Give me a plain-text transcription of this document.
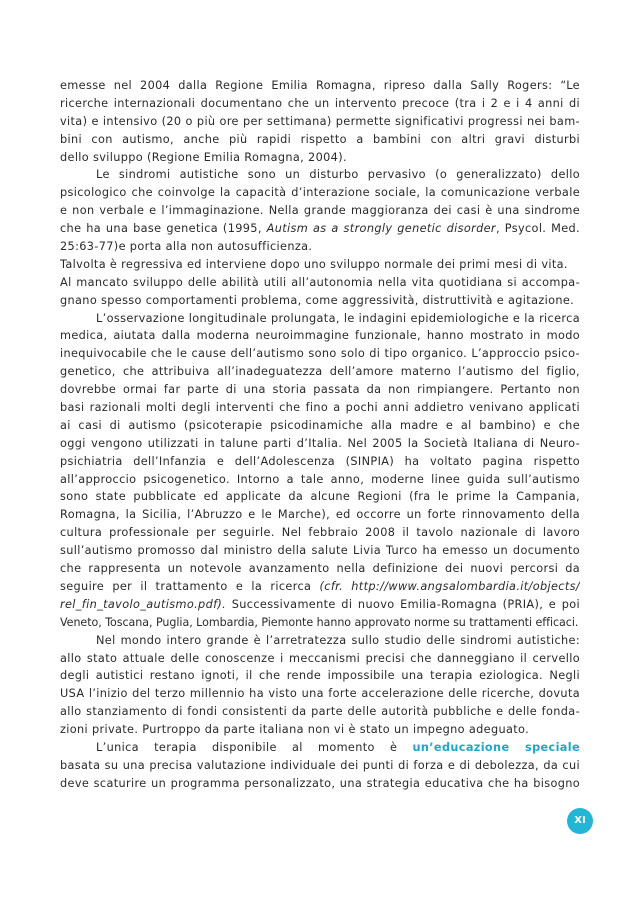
emesse nel 2004 dalla Regione Emilia Romagna, ripreso dalla Sally Rogers: “Le
ricerche internazionali documentano che un intervento precoce (tra i 2 e i 4 anni di
vita) e intensivo (20 o più ore per settimana) permette significativi progressi nei bam-
bini con autismo, anche più rapidi rispetto a bambini con altri gravi disturbi
dello sviluppo (Regione Emilia Romagna, 2004).
Le sindromi autistiche sono un disturbo pervasivo (o generalizzato) dello
psicologico che coinvolge la capacità d’interazione sociale, la comunicazione verbale
e non verbale e l’immaginazione. Nella grande maggioranza dei casi è una sindrome
che ha una base genetica (1995, Autism as a strongly genetic disorder, Psycol. Med.
25:63-77)e porta alla non autosufficienza.
Talvolta è regressiva ed interviene dopo uno sviluppo normale dei primi mesi di vita.
Al mancato sviluppo delle abilità utili all’autonomia nella vita quotidiana si accompa-
gnano spesso comportamenti problema, come aggressività, distruttività e agitazione.
L’osservazione longitudinale prolungata, le indagini epidemiologiche e la ricerca
medica, aiutata dalla moderna neuroimmagine funzionale, hanno mostrato in modo
inequivocabile che le cause dell’autismo sono solo di tipo organico. L’approccio psico-
genetico, che attribuiva all’inadeguatezza dell’amore materno l’autismo del figlio,
dovrebbe ormai far parte di una storia passata da non rimpiangere. Pertanto non
basi razionali molti degli interventi che fino a pochi anni addietro venivano applicati
ai casi di autismo (psicoterapie psicodinamiche alla madre e al bambino) e che
oggi vengono utilizzati in talune parti d’Italia. Nel 2005 la Società Italiana di Neuro-
psichiatria dell’Infanzia e dell’Adolescenza (SINPIA) ha voltato pagina rispetto
all’approccio psicogenetico. Intorno a tale anno, moderne linee guida sull’autismo
sono state pubblicate ed applicate da alcune Regioni (fra le prime la Campania,
Romagna, la Sicilia, l’Abruzzo e le Marche), ed occorre un forte rinnovamento della
cultura professionale per seguirle. Nel febbraio 2008 il tavolo nazionale di lavoro
sull’autismo promosso dal ministro della salute Livia Turco ha emesso un documento
che rappresenta un notevole avanzamento nella definizione dei nuovi percorsi da
seguire per il trattamento e la ricerca (cfr. http://www.angsalombardia.it/objects/
rel_fin_tavolo_autismo.pdf). Successivamente di nuovo Emilia-Romagna (PRIA), e poi
Veneto, Toscana, Puglia, Lombardia, Piemonte hanno approvato norme su trattamenti efficaci.
Nel mondo intero grande è l’arretratezza sullo studio delle sindromi autistiche:
allo stato attuale delle conoscenze i meccanismi precisi che danneggiano il cervello
degli autistici restano ignoti, il che rende impossibile una terapia eziologica. Negli
USA l’inizio del terzo millennio ha visto una forte accelerazione delle ricerche, dovuta
allo stanziamento di fondi consistenti da parte delle autorità pubbliche e delle fonda-
zioni private. Purtroppo da parte italiana non vi è stato un impegno adeguato.
L’unica terapia disponibile al momento è un’educazione speciale
basata su una precisa valutazione individuale dei punti di forza e di debolezza, da cui
deve scaturire un programma personalizzato, una strategia educativa che ha bisogno
XI
